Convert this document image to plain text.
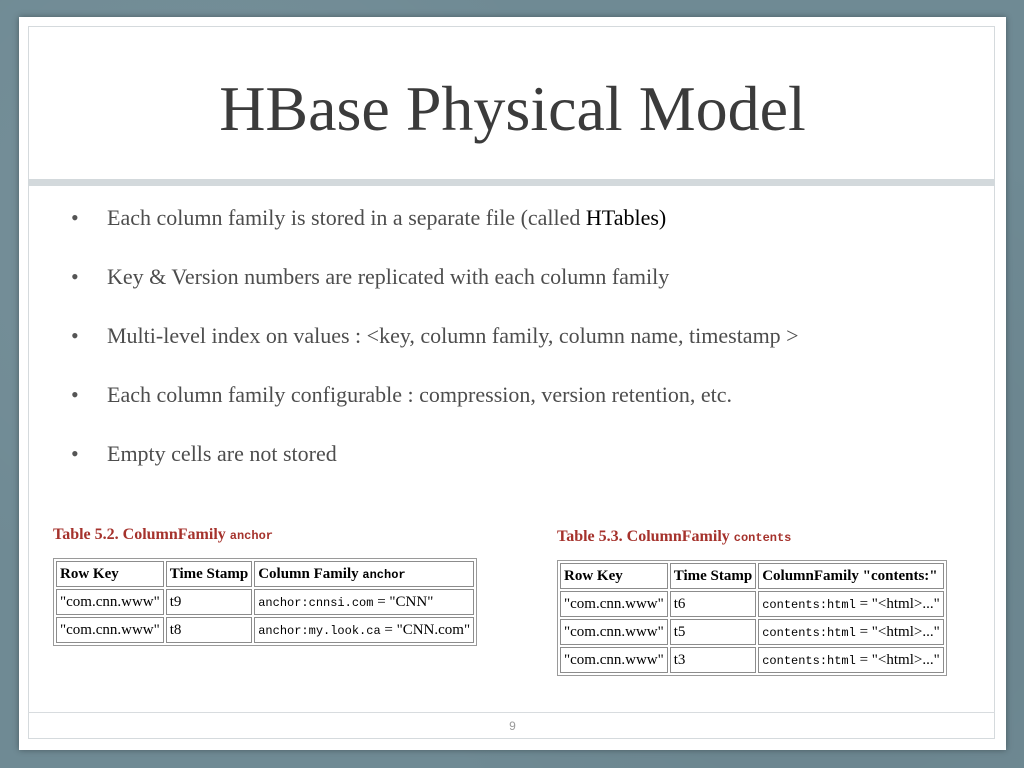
HBase Physical Model
• Each column family is stored in a separate file (called HTables)
• Key & Version numbers are replicated with each column family
• Multi-level index on values : <key, column family, column name, timestamp >
• Each column family configurable : compression, version retention, etc.
• Empty cells are not stored

Table 5.2. ColumnFamily anchor

Row Key	Time Stamp	Column Family anchor
"com.cnn.www"	t9	anchor:cnnsi.com = "CNN"
"com.cnn.www"	t8	anchor:my.look.ca = "CNN.com"

Table 5.3. ColumnFamily contents

Row Key	Time Stamp	ColumnFamily "contents:"
"com.cnn.www"	t6	contents:html = "<html>..."
"com.cnn.www"	t5	contents:html = "<html>..."
"com.cnn.www"	t3	contents:html = "<html>..."
9
